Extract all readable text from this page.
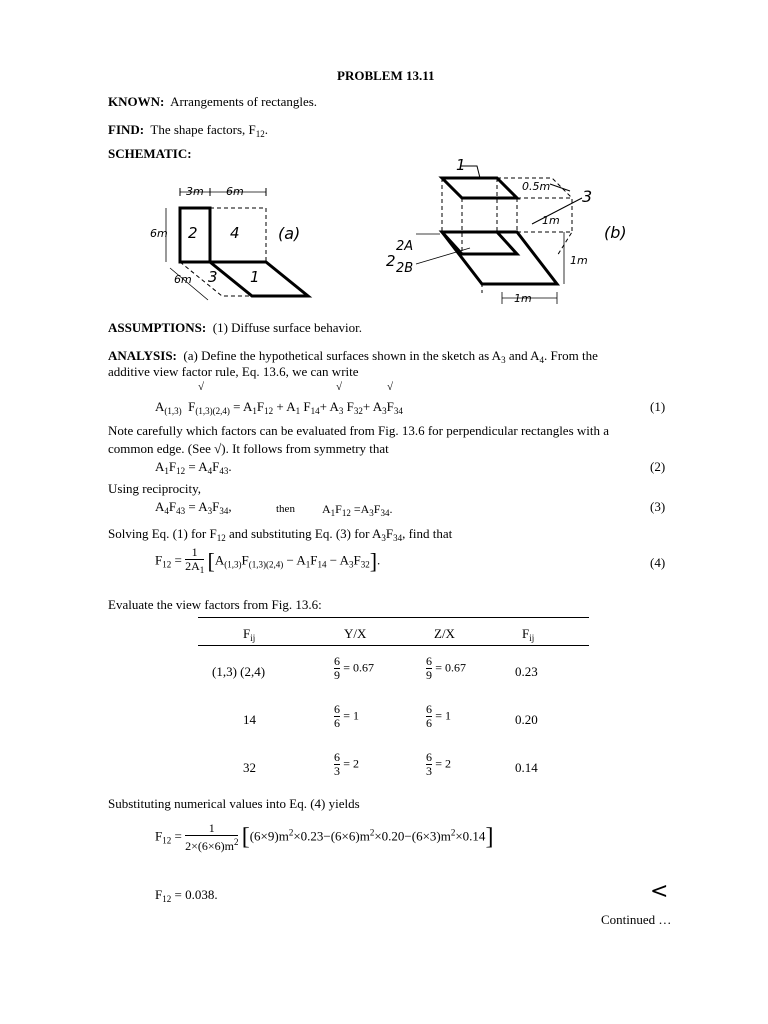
PROBLEM 13.11
KNOWN: Arrangements of rectangles.
FIND: The shape factors, $F_{12}$.
SCHEMATIC:
3m 6m
6m
6m
2 4
3 1
(a)
1
0.5m
3
1m
2
2A
2B
1m
1m
(b)
ASSUMPTIONS: (1) Diffuse surface behavior.
ANALYSIS: (a) Define the hypothetical surfaces shown in the sketch as $A_3$ and $A_4$. From the
additive view factor rule, Eq. 13.6, we can write
√	√	√
$A_{(1,3)}$  $F_{(1,3)(2,4)} = A_1F_{12} + A_1$ $F_{14}+ A_3$ $F_{32}+ A_3F_{34}$	(1)
Note carefully which factors can be evaluated from Fig. 13.6 for perpendicular rectangles with a
common edge. (See √). It follows from symmetry that
$A_1F_{12} = A_4F_{43}$.	(2)
Using reciprocity,
$A_4F_{43} = A_3F_{34}$,	then $A_1F_{12} =A_3F_{34}$.	(3)
Solving Eq. (1) for $F_{12}$ and substituting Eq. (3) for $A_3F_{34}$, find that
$F_{12} = \frac{1}{2A_1} [A_{(1,3)}F_{(1,3)(2,4)} - A_1F_{14} - A_3F_{32}]$.	(4)
Evaluate the view factors from Fig. 13.6:
$F_{ij}$	Y/X	Z/X	$F_{ij}$
(1,3) (2,4)	$\frac{6}{9} = 0.67$	$\frac{6}{9} = 0.67$	0.23
14	$\frac{6}{6} = 1$	$\frac{6}{6} = 1$	0.20
32	$\frac{6}{3} = 2$	$\frac{6}{3} = 2$	0.14
Substituting numerical values into Eq. (4) yields
$F_{12} = \frac{1}{2\times(6\times 6)m^2} [(6\times 9)m^2\times 0.23-(6\times 6)m^2\times 0.20-(6\times 3)m^2\times 0.14]$
$F_{12} = 0.038$.	<
Continued …
